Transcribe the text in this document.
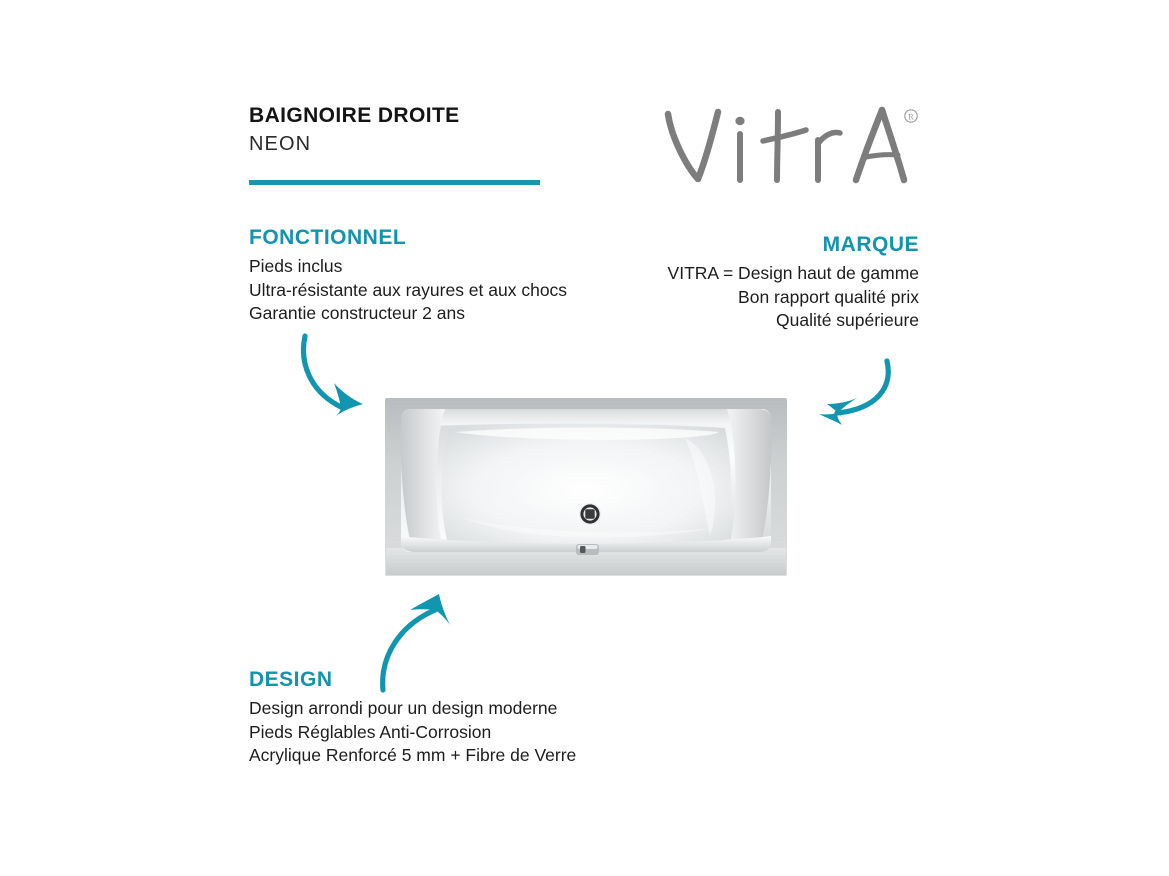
BAIGNOIRE DROITE

NEON

R

FONCTIONNEL

Pieds inclus

Ultra-résistante aux rayures et aux chocs

Garantie constructeur 2 ans

MARQUE

VITRA = Design haut de gamme

Bon rapport qualité prix

Qualité supérieure

DESIGN

Design arrondi pour un design moderne

Pieds Réglables Anti-Corrosion

Acrylique Renforcé 5 mm + Fibre de Verre
